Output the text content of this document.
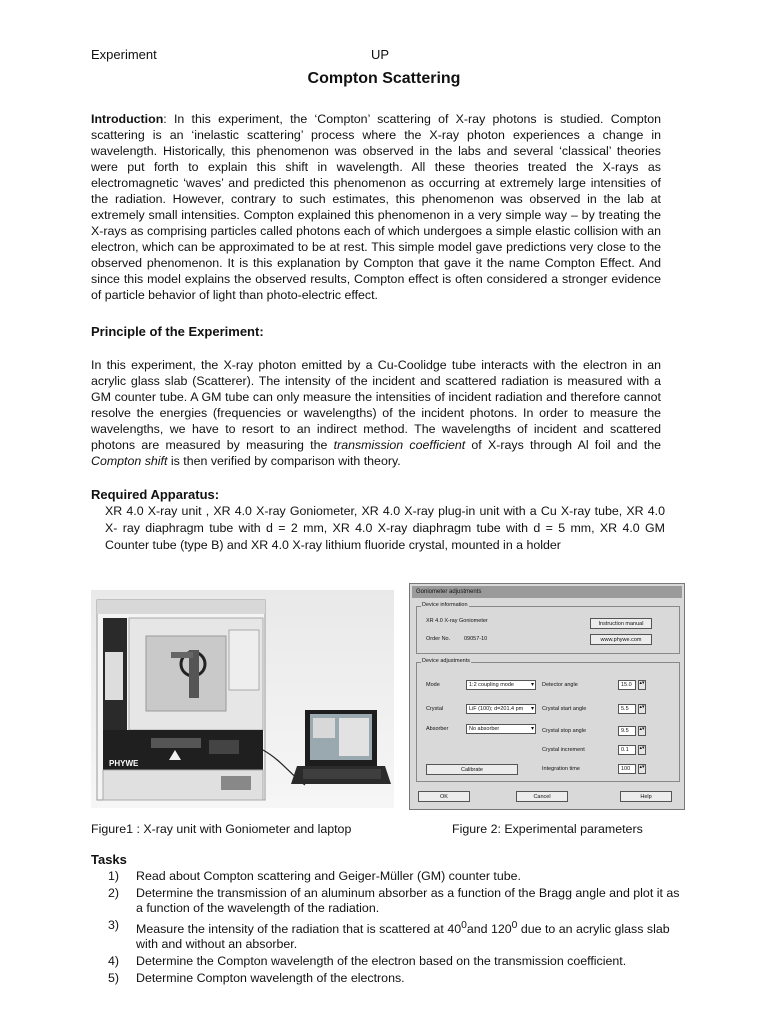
Experiment	UP
Compton Scattering
Introduction: In this experiment, the ‘Compton’ scattering of X-ray photons is studied. Compton scattering is an ‘inelastic scattering’ process where the X-ray photon experiences a change in wavelength. Historically, this phenomenon was observed in the labs and several ‘classical’ theories were put forth to explain this shift in wavelength. All these theories treated the X-rays as electromagnetic ‘waves’ and predicted this phenomenon as occurring at extremely large intensities of the radiation. However, contrary to such estimates, this phenomenon was observed in the lab at extremely small intensities. Compton explained this phenomenon in a very simple way – by treating the X-rays as comprising particles called photons each of which undergoes a simple elastic collision with an electron, which can be approximated to be at rest. This simple model gave predictions very close to the observed phenomenon. It is this explanation by Compton that gave it the name Compton Effect. And since this model explains the observed results, Compton effect is often considered a stronger evidence of particle behavior of light than photo-electric effect.
Principle of the Experiment:
In this experiment, the X-ray photon emitted by a Cu-Coolidge tube interacts with the electron in an acrylic glass slab (Scatterer). The intensity of the incident and scattered radiation is measured with a GM counter tube. A GM tube can only measure the intensities of incident radiation and therefore cannot resolve the energies (frequencies or wavelengths) of the incident photons. In order to measure the wavelengths, we have to resort to an indirect method. The wavelengths of incident and scattered photons are measured by measuring the transmission coefficient of X-rays through Al foil and the Compton shift is then verified by comparison with theory.
Required Apparatus:
XR 4.0 X-ray unit , XR 4.0 X-ray Goniometer, XR 4.0 X-ray plug-in unit with a Cu X-ray tube, XR 4.0 X- ray diaphragm tube with d = 2 mm, XR 4.0 X-ray diaphragm tube with d = 5 mm, XR 4.0 GM Counter tube (type B) and XR 4.0 X-ray lithium fluoride crystal, mounted in a holder
PHYWE
Goniometer adjustments
Device information
XR 4.0 X-ray Goniometer
Order No.	09057-10
Instruction manual
www.phywe.com
Device adjustments
Mode	1:2 coupling mode ▾	Detector angle	15.0	▴▾
Crystal	LiF (100); d=201.4 pm ▾	Crystal start angle	5.5	▴▾
Absorber	No absorber ▾	Crystal stop angle	9.5	▴▾
Crystal increment	0.1	▴▾
Calibrate	Integration time	100	▴▾
OK	Cancel	Help
Figure1 : X-ray unit with Goniometer and laptop	Figure 2: Experimental parameters
Tasks
1) Read about Compton scattering and Geiger-Müller (GM) counter tube.
2) Determine the transmission of an aluminum absorber as a function of the Bragg angle and plot it as a function of the wavelength of the radiation.
3) Measure the intensity of the radiation that is scattered at $40^0and$ $120^0$ due to an acrylic glass slab with and without an absorber.
4) Determine the Compton wavelength of the electron based on the transmission coefficient.
5) Determine Compton wavelength of the electrons.
